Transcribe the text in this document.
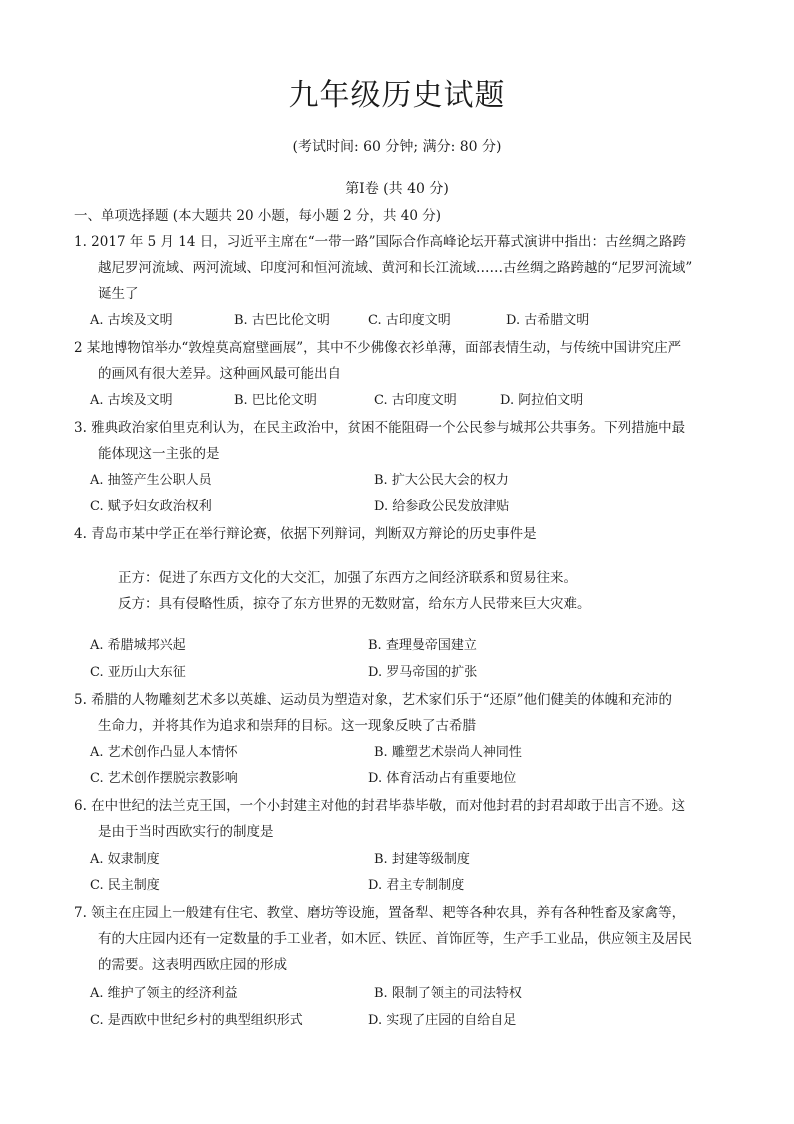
九年级历史试题
(考试时间: 60 分钟; 满分: 80 分)
第Ⅰ卷 (共 40 分)
一、单项选择题 (本大题共 20 小题，每小题 2 分，共 40 分)
1. 2017 年 5 月 14 日，习近平主席在“一带一路”国际合作高峰论坛开幕式演讲中指出：古丝绸之路跨
越尼罗河流域、两河流域、印度河和恒河流域、黄河和长江流域……古丝绸之路跨越的“尼罗河流域”
诞生了
A. 古埃及文明	B. 古巴比伦文明	C. 古印度文明	D. 古希腊文明
2 某地博物馆举办“敦煌莫高窟壁画展”，其中不少佛像衣衫单薄，面部表情生动，与传统中国讲究庄严
的画风有很大差异。这种画风最可能出自
A. 古埃及文明	B. 巴比伦文明	C. 古印度文明	D. 阿拉伯文明
3. 雅典政治家伯里克利认为，在民主政治中，贫困不能阻碍一个公民参与城邦公共事务。下列措施中最
能体现这一主张的是
A. 抽签产生公职人员	B. 扩大公民大会的权力
C. 赋予妇女政治权利	D. 给参政公民发放津贴
4. 青岛市某中学正在举行辩论赛，依据下列辩词，判断双方辩论的历史事件是
正方：促进了东西方文化的大交汇，加强了东西方之间经济联系和贸易往来。
反方：具有侵略性质，掠夺了东方世界的无数财富，给东方人民带来巨大灾难。
A. 希腊城邦兴起	B. 查理曼帝国建立
C. 亚历山大东征	D. 罗马帝国的扩张
5. 希腊的人物雕刻艺术多以英雄、运动员为塑造对象，艺术家们乐于“还原”他们健美的体魄和充沛的
生命力，并将其作为追求和崇拜的目标。这一现象反映了古希腊
A. 艺术创作凸显人本情怀	B. 雕塑艺术崇尚人神同性
C. 艺术创作摆脱宗教影响	D. 体育活动占有重要地位
6. 在中世纪的法兰克王国，一个小封建主对他的封君毕恭毕敬，而对他封君的封君却敢于出言不逊。这
是由于当时西欧实行的制度是
A. 奴隶制度	B. 封建等级制度
C. 民主制度	D. 君主专制制度
7. 领主在庄园上一般建有住宅、教堂、磨坊等设施，置备犁、耙等各种农具，养有各种牲畜及家禽等，
有的大庄园内还有一定数量的手工业者，如木匠、铁匠、首饰匠等，生产手工业品，供应领主及居民
的需要。这表明西欧庄园的形成
A. 维护了领主的经济利益	B. 限制了领主的司法特权
C. 是西欧中世纪乡村的典型组织形式	D. 实现了庄园的自给自足
